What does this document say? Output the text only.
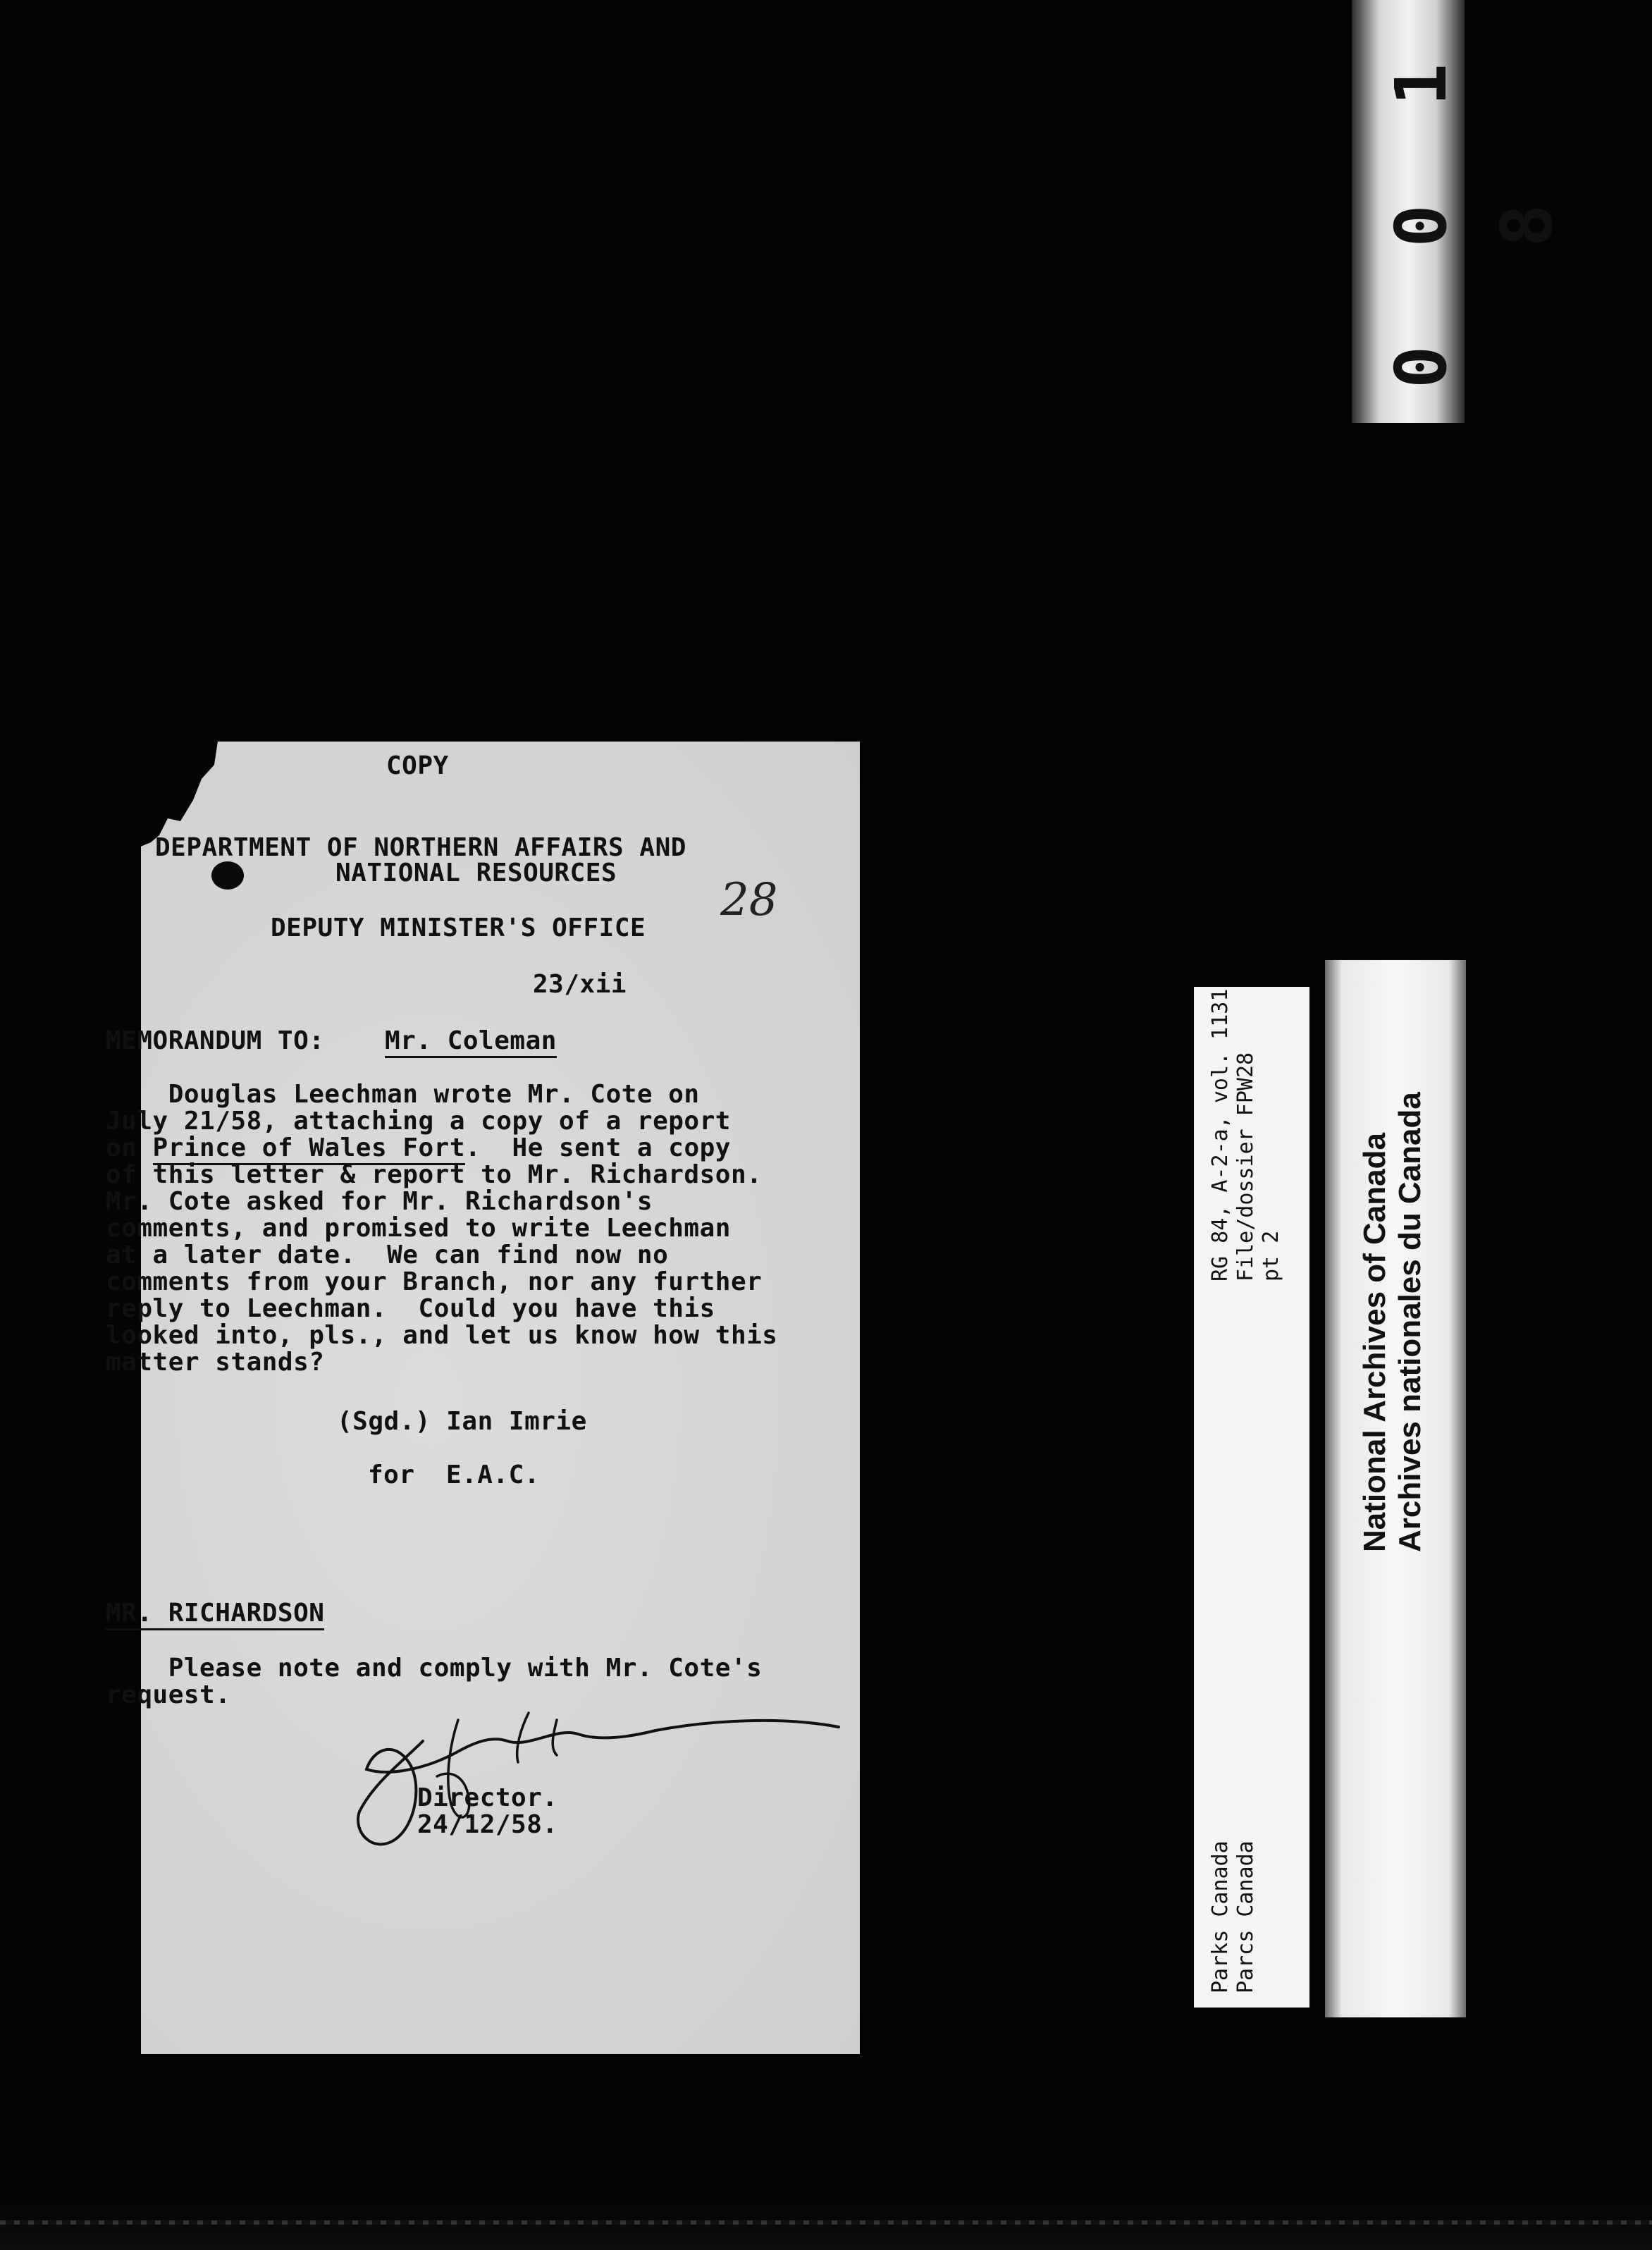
0 0 1 8
COPY
DEPARTMENT OF NORTHERN AFFAIRS AND
NATIONAL RESOURCES
DEPUTY MINISTER'S OFFICE
28
23/xii
MEMORANDUM TO: Mr. Coleman
Douglas Leechman wrote Mr. Cote on
July 21/58, attaching a copy of a report
on Prince of Wales Fort.  He sent a copy
of this letter & report to Mr. Richardson.
Mr. Cote asked for Mr. Richardson's
comments, and promised to write Leechman
at a later date.  We can find now no
comments from your Branch, nor any further
reply to Leechman.  Could you have this
looked into, pls., and let us know how this
matter stands?
(Sgd.) Ian Imrie
for  E.A.C.
MR. RICHARDSON
Please note and comply with Mr. Cote's
request.
Director.
24/12/58.
RG 84, A-2-a, vol. 1131 File/dossier FPW28 pt 2
Parks Canada Parcs Canada
National Archives of Canada Archives nationales du Canada
